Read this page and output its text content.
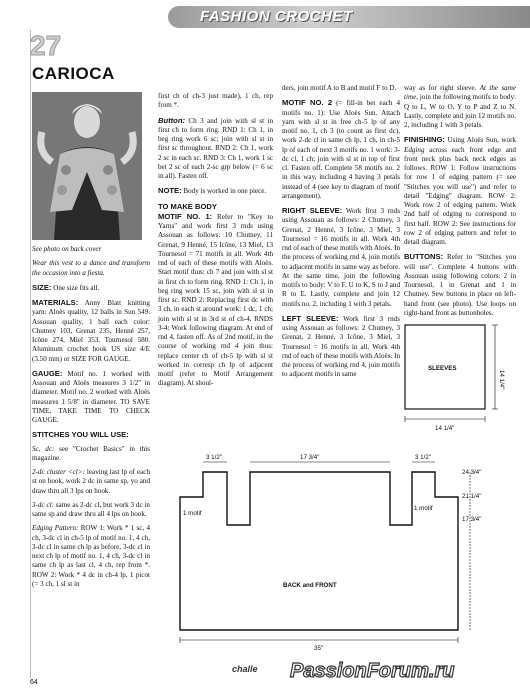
FASHION CROCHET
27
CARIOCA

See photo on back cover

Wear this vest to a dance and transform the occasion into a fiesta.

SIZE: One size fits all.

MATERIALS: Anny Blatt knitting yarn: Aloès quality, 12 balls in Sun 549. Assouan quality, 1 ball each color: Chutney 103, Grenat 235, Henné 257, Icône 274, Miel 353, Tournesol 580. Aluminum crochet hook US size 4/E (3.50 mm) or SIZE FOR GAUGE.

GAUGE: Motif no. 1 worked with Assouan and Aloès measures 3 1/2" in diameter. Motif no. 2 worked with Aloès measures 1 5/8" in diameter. TO SAVE TIME, TAKE TIME TO CHECK GAUGE.

STITCHES YOU WILL USE:

Sc, dc: see "Crochet Basics" in this magazine.

2-dc cluster <cl>: leaving last lp of each st on hook, work 2 dc in same sp, yo and draw thru all 3 lps on hook.

3-dc cl: same as 2-dc cl, but work 3 dc in same sp and draw thru all 4 lps on hook.

Edging Pattern: ROW 1: Work * 1 sc, 4 ch, 3-dc cl in ch-5 lp of motif no. 1, 4 ch, 3-dc cl in same ch lp as before, 3-dc cl in next ch lp of motif no. 1, 4 ch, 3-dc cl in same ch lp as last cl, 4 ch, rep from *. ROW 2: Work * 4 dc in ch-4 lp, 1 picot (= 3 ch, 1 sl st in

first ch of ch-3 just made), 1 ch, rep from *.

Button: Ch 3 and join with sl st in first ch to form ring. RND 1: Ch 1, in beg ring work 6 sc; join with sl st in first sc throughout. RND 2: Ch 1, work 2 sc in each sc. RND 3: Ch 1, work 1 sc bet 2 sc of each 2-sc grp below (= 6 sc in all). Fasten off.

NOTE: Body is worked in one piece.

TO MAKE BODY

MOTIF NO. 1: Refer to "Key to Yarns" and work first 3 rnds using Assouan as follows: 10 Chutney, 11 Grenat, 9 Henné, 15 Icône, 13 Miel, 13 Tournesol = 71 motifs in all. Work 4th rnd of each of these motifs with Aloès. Start motif thus: ch 7 and join with sl st in first ch to form ring. RND 1: Ch 1, in beg ring work 15 sc, join with sl st in first sc. RND 2: Replacing first dc with 3 ch, in each st around work: 1 dc, 1 ch; join with sl st in 3rd st of ch-4. RNDS 3-4: Work following diagram. At end of rnd 4, fasten off. As of 2nd motif, in the course of working rnd 4 join thus: replace center ch of ch-5 lp with sl st worked in corresp ch lp of adjacent motif (refer to Motif Arrangement diagram). At shoul-

ders, join motif A to B and motif F to D.

MOTIF NO. 2 (= fill-in bet each 4 motifs no. 1): Use Aloès Sun. Attach yarn with sl st in free ch-5 lp of any motif no. 1, ch 3 (to count as first dc), work 2-dc cl in same ch lp, 1 ch, in ch-5 lp of each of next 3 motifs no. 1 work: 3-dc cl, 1 ch; join with sl st in top of first cl. Fasten off. Complete 58 motifs no. 2 in this way, including 4 having 3 petals instead of 4 (see key to diagram of motif arrangement).

RIGHT SLEEVE: Work first 3 rnds using Assouan as follows: 2 Chutney, 3 Grenat, 2 Henné, 3 Icône, 3 Miel, 3 Tournesol = 16 motifs in all. Work 4th rnd of each of these motifs with Aloès. In the process of working rnd 4, join motifs to adjacent motifs in same way as before. At the same time, join the following motifs to body: V to F, U to K, S to J and R to E. Lastly, complete and join 12 motifs no. 2, including 1 with 3 petals.

LEFT SLEEVE: Work first 3 rnds using Assouan as follows: 2 Chutney, 3 Grenat, 2 Henné, 3 Icône, 3 Miel, 3 Tournesol = 16 motifs in all. Work 4th rnd of each of these motifs with Aloès. In the process of working rnd 4, join motifs to adjacent motifs in same

way as for right sleeve. At the same time, join the following motifs to body: Q to L, W to O, Y to P and Z to N. Lastly, complete and join 12 motifs no. 2, including 1 with 3 petals.

FINISHING: Using Aloès Sun, work Edging across each front edge and front neck plus back neck edges as follows. ROW 1: Follow instructions for row 1 of edging pattern (= see "Stitches you will use") and refer to detail "Edging" diagram. ROW 2: Work row 2 of edging pattern. Work 2nd half of edging to correspond to first half. ROW 2: See instructions for row 2 of edging pattern and refer to detail diagram.

BUTTONS: Refer to "Stitches you will use". Complete 4 buttons with Assouan using following colors: 2 in Tournesol, 1 in Grenat and 1 in Chutney. Sew buttons in place on left-hand front (see photo). Use loops on right-hand front as buttonholes.

SLEEVES
14 1/4"
14 1/4"
3 1/2"	17 3/4"	3 1/2"
1 motif
1 motif
BACK and FRONT
24 3/4"
21 1/4"
17 3/4"
35"
challe PassionForum.ru
64
